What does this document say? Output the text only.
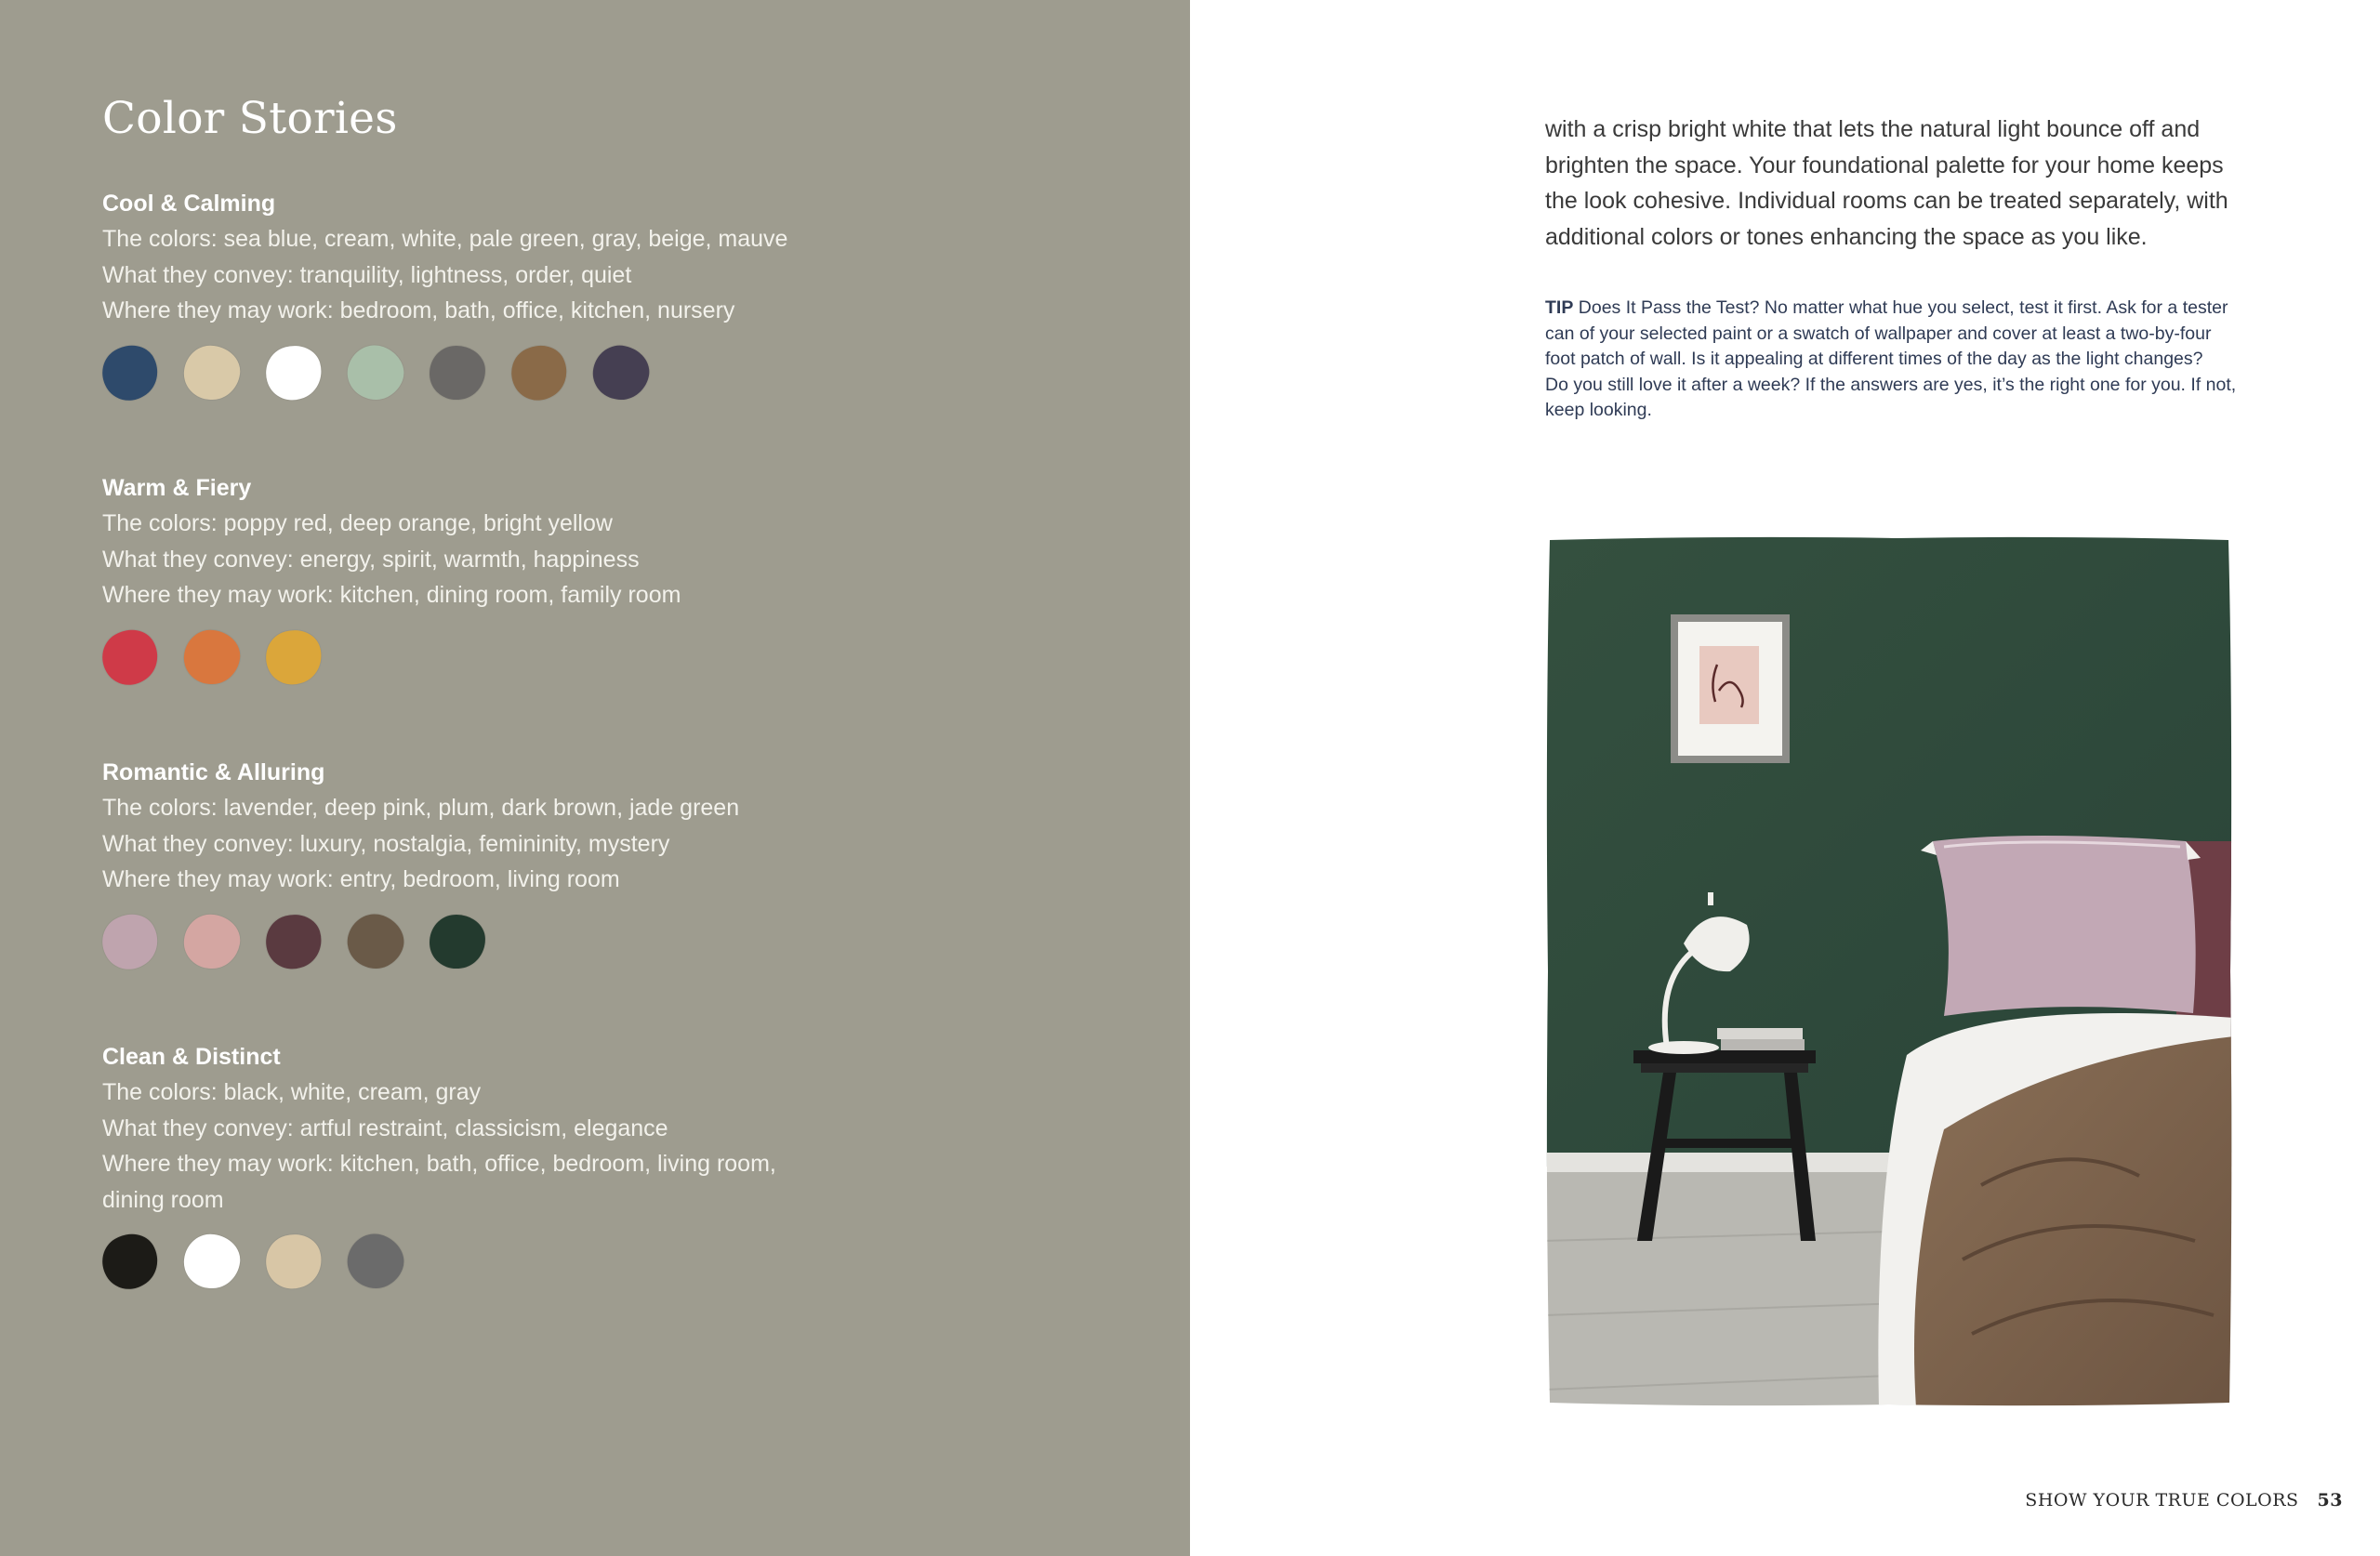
Color Stories

Cool & Calming

The colors: sea blue, cream, white, pale green, gray, beige, mauve

What they convey: tranquility, lightness, order, quiet

Where they may work: bedroom, bath, office, kitchen, nursery

Warm & Fiery

The colors: poppy red, deep orange, bright yellow

What they convey: energy, spirit, warmth, happiness

Where they may work: kitchen, dining room, family room

Romantic & Alluring

The colors: lavender, deep pink, plum, dark brown, jade green

What they convey: luxury, nostalgia, femininity, mystery

Where they may work: entry, bedroom, living room

Clean & Distinct

The colors: black, white, cream, gray

What they convey: artful restraint, classicism, elegance

Where they may work: kitchen, bath, office, bedroom, living room,

dining room

with a crisp bright white that lets the natural light bounce off and
brighten the space. Your foundational palette for your home keeps
the look cohesive. Individual rooms can be treated separately, with
additional colors or tones enhancing the space as you like.
TIP Does It Pass the Test? No matter what hue you select, test it first. Ask for a tester
can of your selected paint or a swatch of wallpaper and cover at least a two-by-four
foot patch of wall. Is it appealing at different times of the day as the light changes?
Do you still love it after a week? If the answers are yes, it’s the right one for you. If not,
keep looking.
SHOW YOUR TRUE COLORS 53
